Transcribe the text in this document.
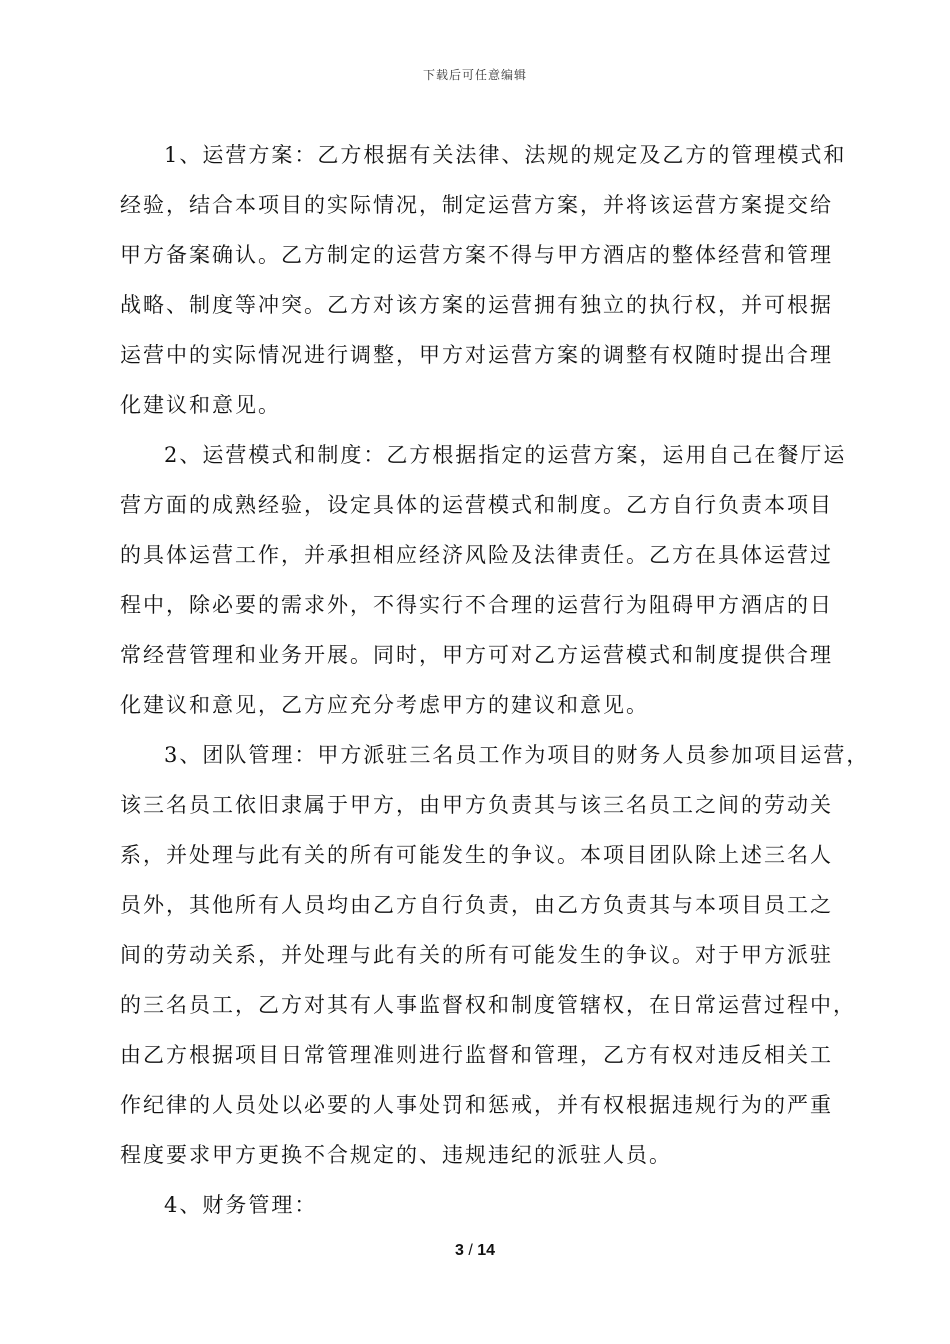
下载后可任意编辑
1、运营方案：乙方根据有关法律、法规的规定及乙方的管理模式和
经验，结合本项目的实际情况，制定运营方案，并将该运营方案提交给
甲方备案确认。乙方制定的运营方案不得与甲方酒店的整体经营和管理
战略、制度等冲突。乙方对该方案的运营拥有独立的执行权，并可根据
运营中的实际情况进行调整，甲方对运营方案的调整有权随时提出合理
化建议和意见。
2、运营模式和制度：乙方根据指定的运营方案，运用自己在餐厅运
营方面的成熟经验，设定具体的运营模式和制度。乙方自行负责本项目
的具体运营工作，并承担相应经济风险及法律责任。乙方在具体运营过
程中，除必要的需求外，不得实行不合理的运营行为阻碍甲方酒店的日
常经营管理和业务开展。同时，甲方可对乙方运营模式和制度提供合理
化建议和意见，乙方应充分考虑甲方的建议和意见。
3、团队管理：甲方派驻三名员工作为项目的财务人员参加项目运营，
该三名员工依旧隶属于甲方，由甲方负责其与该三名员工之间的劳动关
系，并处理与此有关的所有可能发生的争议。本项目团队除上述三名人
员外，其他所有人员均由乙方自行负责，由乙方负责其与本项目员工之
间的劳动关系，并处理与此有关的所有可能发生的争议。对于甲方派驻
的三名员工，乙方对其有人事监督权和制度管辖权，在日常运营过程中，
由乙方根据项目日常管理准则进行监督和管理，乙方有权对违反相关工
作纪律的人员处以必要的人事处罚和惩戒，并有权根据违规行为的严重
程度要求甲方更换不合规定的、违规违纪的派驻人员。
4、财务管理：
3 / 14
